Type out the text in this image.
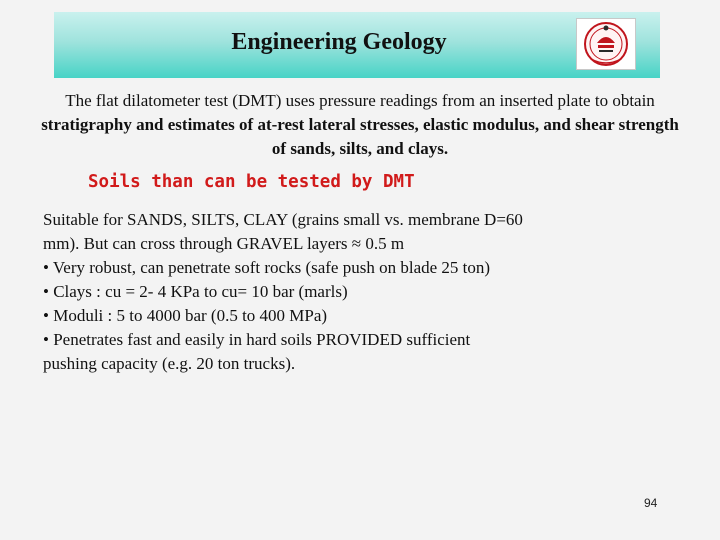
Engineering Geology
The flat dilatometer test (DMT) uses pressure readings from an inserted plate to obtain stratigraphy and estimates of at-rest lateral stresses, elastic modulus, and shear strength of sands, silts, and clays.
Soils than can be tested by DMT

Suitable for SANDS, SILTS, CLAY (grains small vs. membrane D=60 mm). But can cross through GRAVEL layers ≈ 0.5 m

• Very robust, can penetrate soft rocks (safe push on blade 25 ton)

• Clays : cu = 2- 4 KPa to cu= 10 bar (marls)

• Moduli : 5 to 4000 bar (0.5 to 400 MPa)

• Penetrates fast and easily in hard soils PROVIDED sufficient pushing capacity (e.g. 20 ton trucks).

94
